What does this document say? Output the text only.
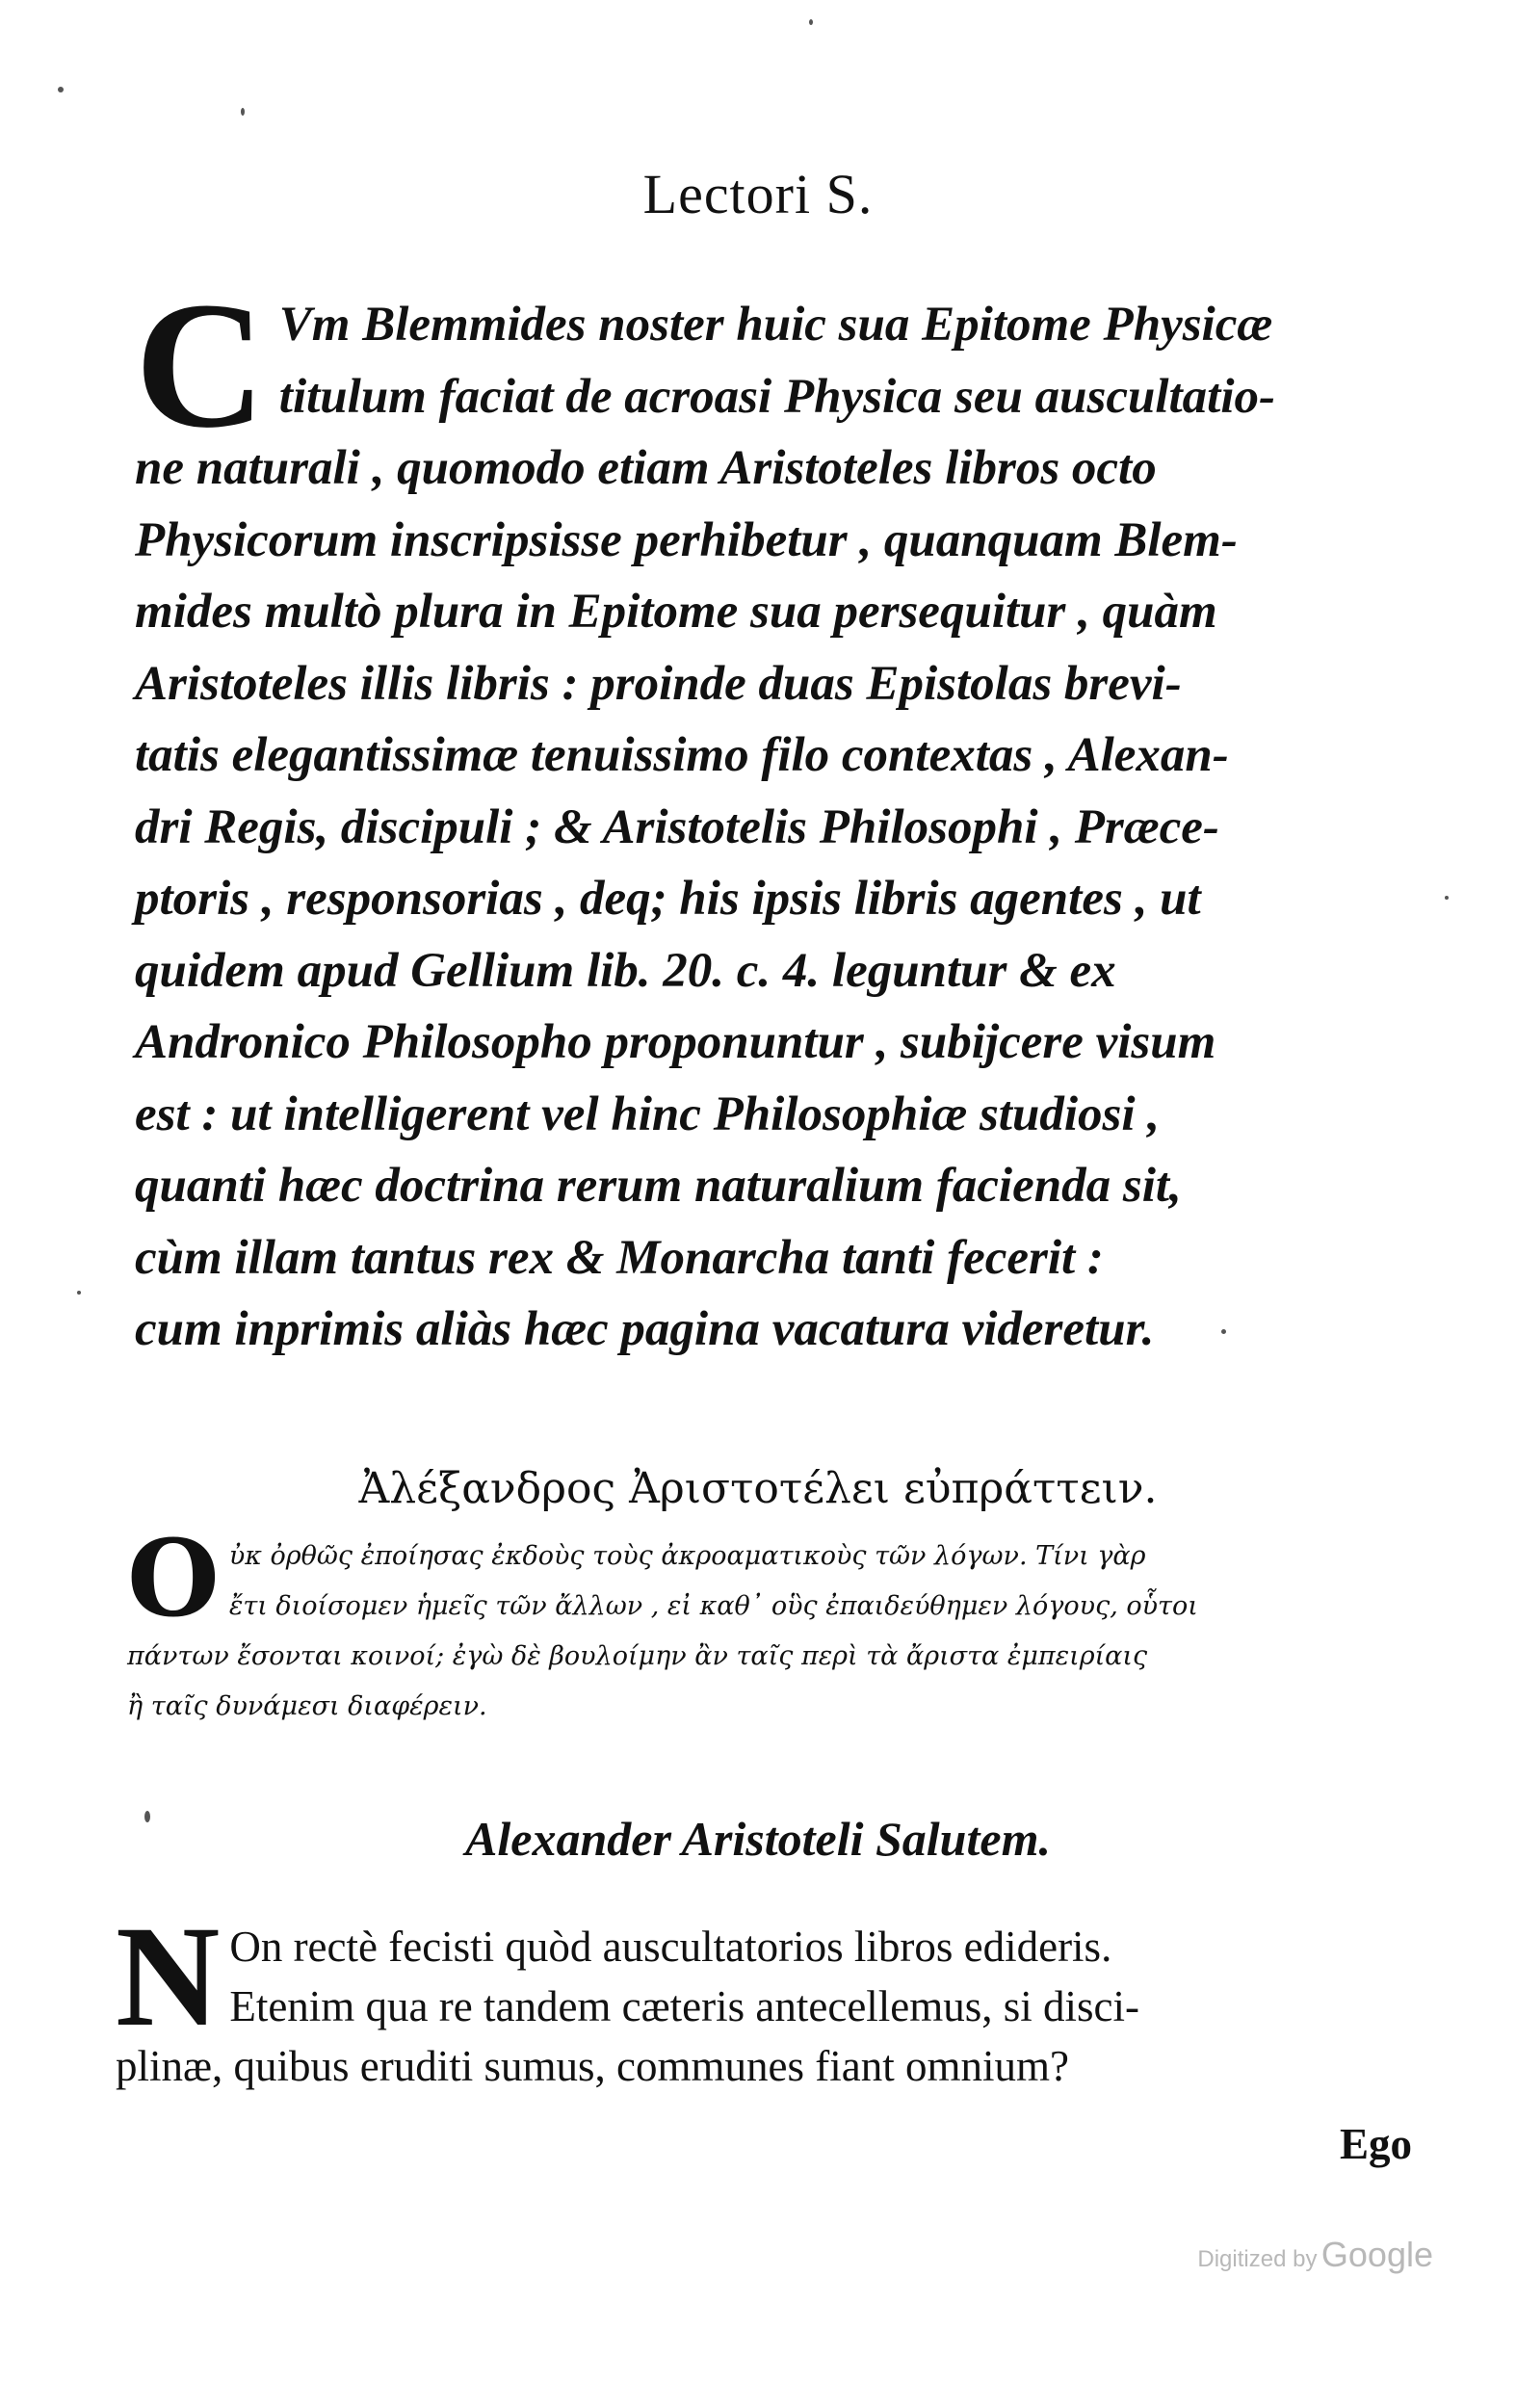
Lectori S.
C Vm Blemmides noster huic sua Epitome Physicæ
titulum faciat de acroasi Physica seu auscultatio-
ne naturali , quomodo etiam Aristoteles libros octo
Physicorum inscripsisse perhibetur , quanquam Blem-
mides multò plura in Epitome sua persequitur , quàm
Aristoteles illis libris : proinde duas Epistolas brevi-
tatis elegantissimæ tenuissimo filo contextas , Alexan-
dri Regis, discipuli ; & Aristotelis Philosophi , Præce-
ptoris , responsorias , deq; his ipsis libris agentes , ut
quidem apud Gellium lib. 20. c. 4. leguntur & ex
Andronico Philosopho proponuntur , subijcere visum
est : ut intelligerent vel hinc Philosophiæ studiosi ,
quanti hæc doctrina rerum naturalium facienda sit,
cùm illam tantus rex & Monarcha tanti fecerit :
cum inprimis aliàs hæc pagina vacatura videretur.
Ἀλέξανδρος Ἀριστοτέλει εὐπράττειν.
O ὐκ ὀρθῶς ἐποίησας ἐκδοὺς τοὺς ἀκροαματικοὺς τῶν λόγων. Τίνι γὰρ
ἔτι διοίσομεν ἡμεῖς τῶν ἄλλων , εἰ καθ᾽ οὓς ἐπαιδεύθημεν λόγους, οὗτοι
πάντων ἔσονται κοινοί; ἐγὼ δὲ βουλοίμην ἂν ταῖς περὶ τὰ ἄριστα ἐμπειρίαις
ἢ ταῖς δυνάμεσι διαφέρειν.
Alexander Aristoteli Salutem.
N On rectè fecisti quòd auscultatorios libros edideris.
Etenim qua re tandem cæteris antecellemus, si disci-
plinæ, quibus eruditi sumus, communes fiant omnium?
Ego
Digitized by Google
